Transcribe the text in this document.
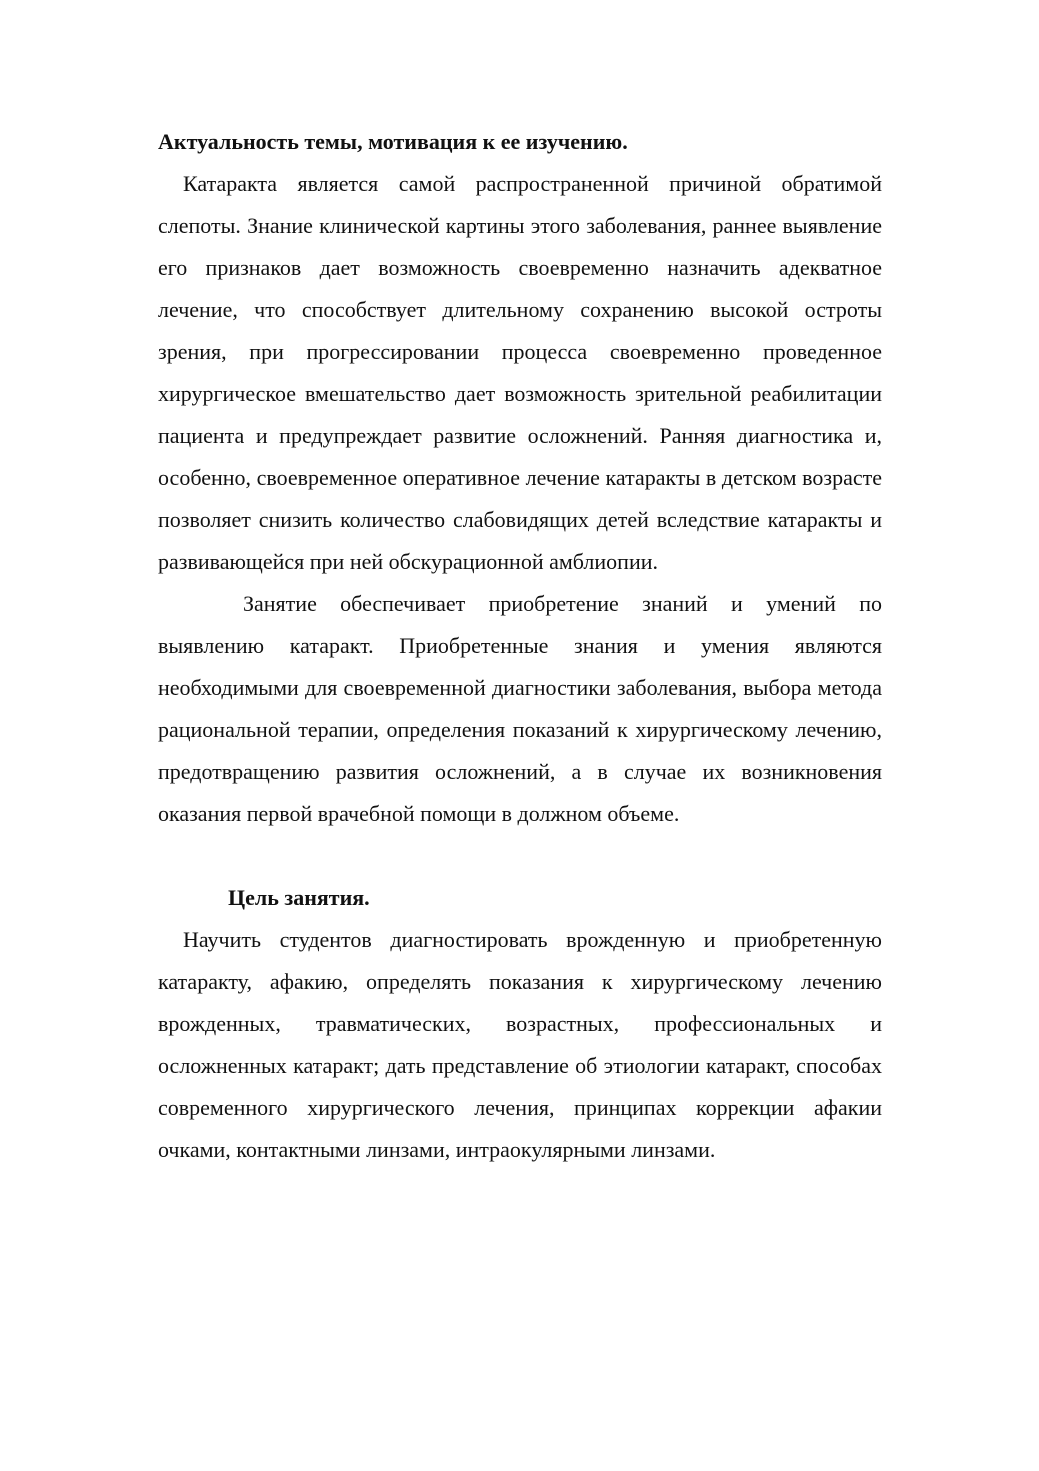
Актуальность темы, мотивация к ее изучению.

Катаракта является самой распространенной причиной обратимой слепоты. Знание клинической картины этого заболевания, раннее выявление его признаков дает возможность своевременно назначить адекватное лечение, что способствует длительному сохранению высокой остроты зрения, при прогрессировании процесса своевременно проведенное хирургическое вмешательство дает возможность зрительной реабилитации пациента и предупреждает развитие осложнений. Ранняя диагностика и, особенно, своевременное оперативное лечение катаракты в детском возрасте позволяет снизить количество слабовидящих детей вследствие катаракты и развивающейся при ней обскурационной амблиопии.

Занятие обеспечивает приобретение знаний и умений по выявлению катаракт. Приобретенные знания и умения являются необходимыми для своевременной диагностики заболевания, выбора метода рациональной терапии, определения показаний к хирургическому лечению, предотвращению развития осложнений, а в случае их возникновения оказания первой врачебной помощи в должном объеме.

Цель занятия.

Научить студентов диагностировать врожденную и приобретенную катаракту, афакию, определять показания к хирургическому лечению врожденных, травматических, возрастных, профессиональных и осложненных катаракт; дать представление об этиологии катаракт, способах современного хирургического лечения, принципах коррекции афакии очками, контактными линзами, интраокулярными линзами.
